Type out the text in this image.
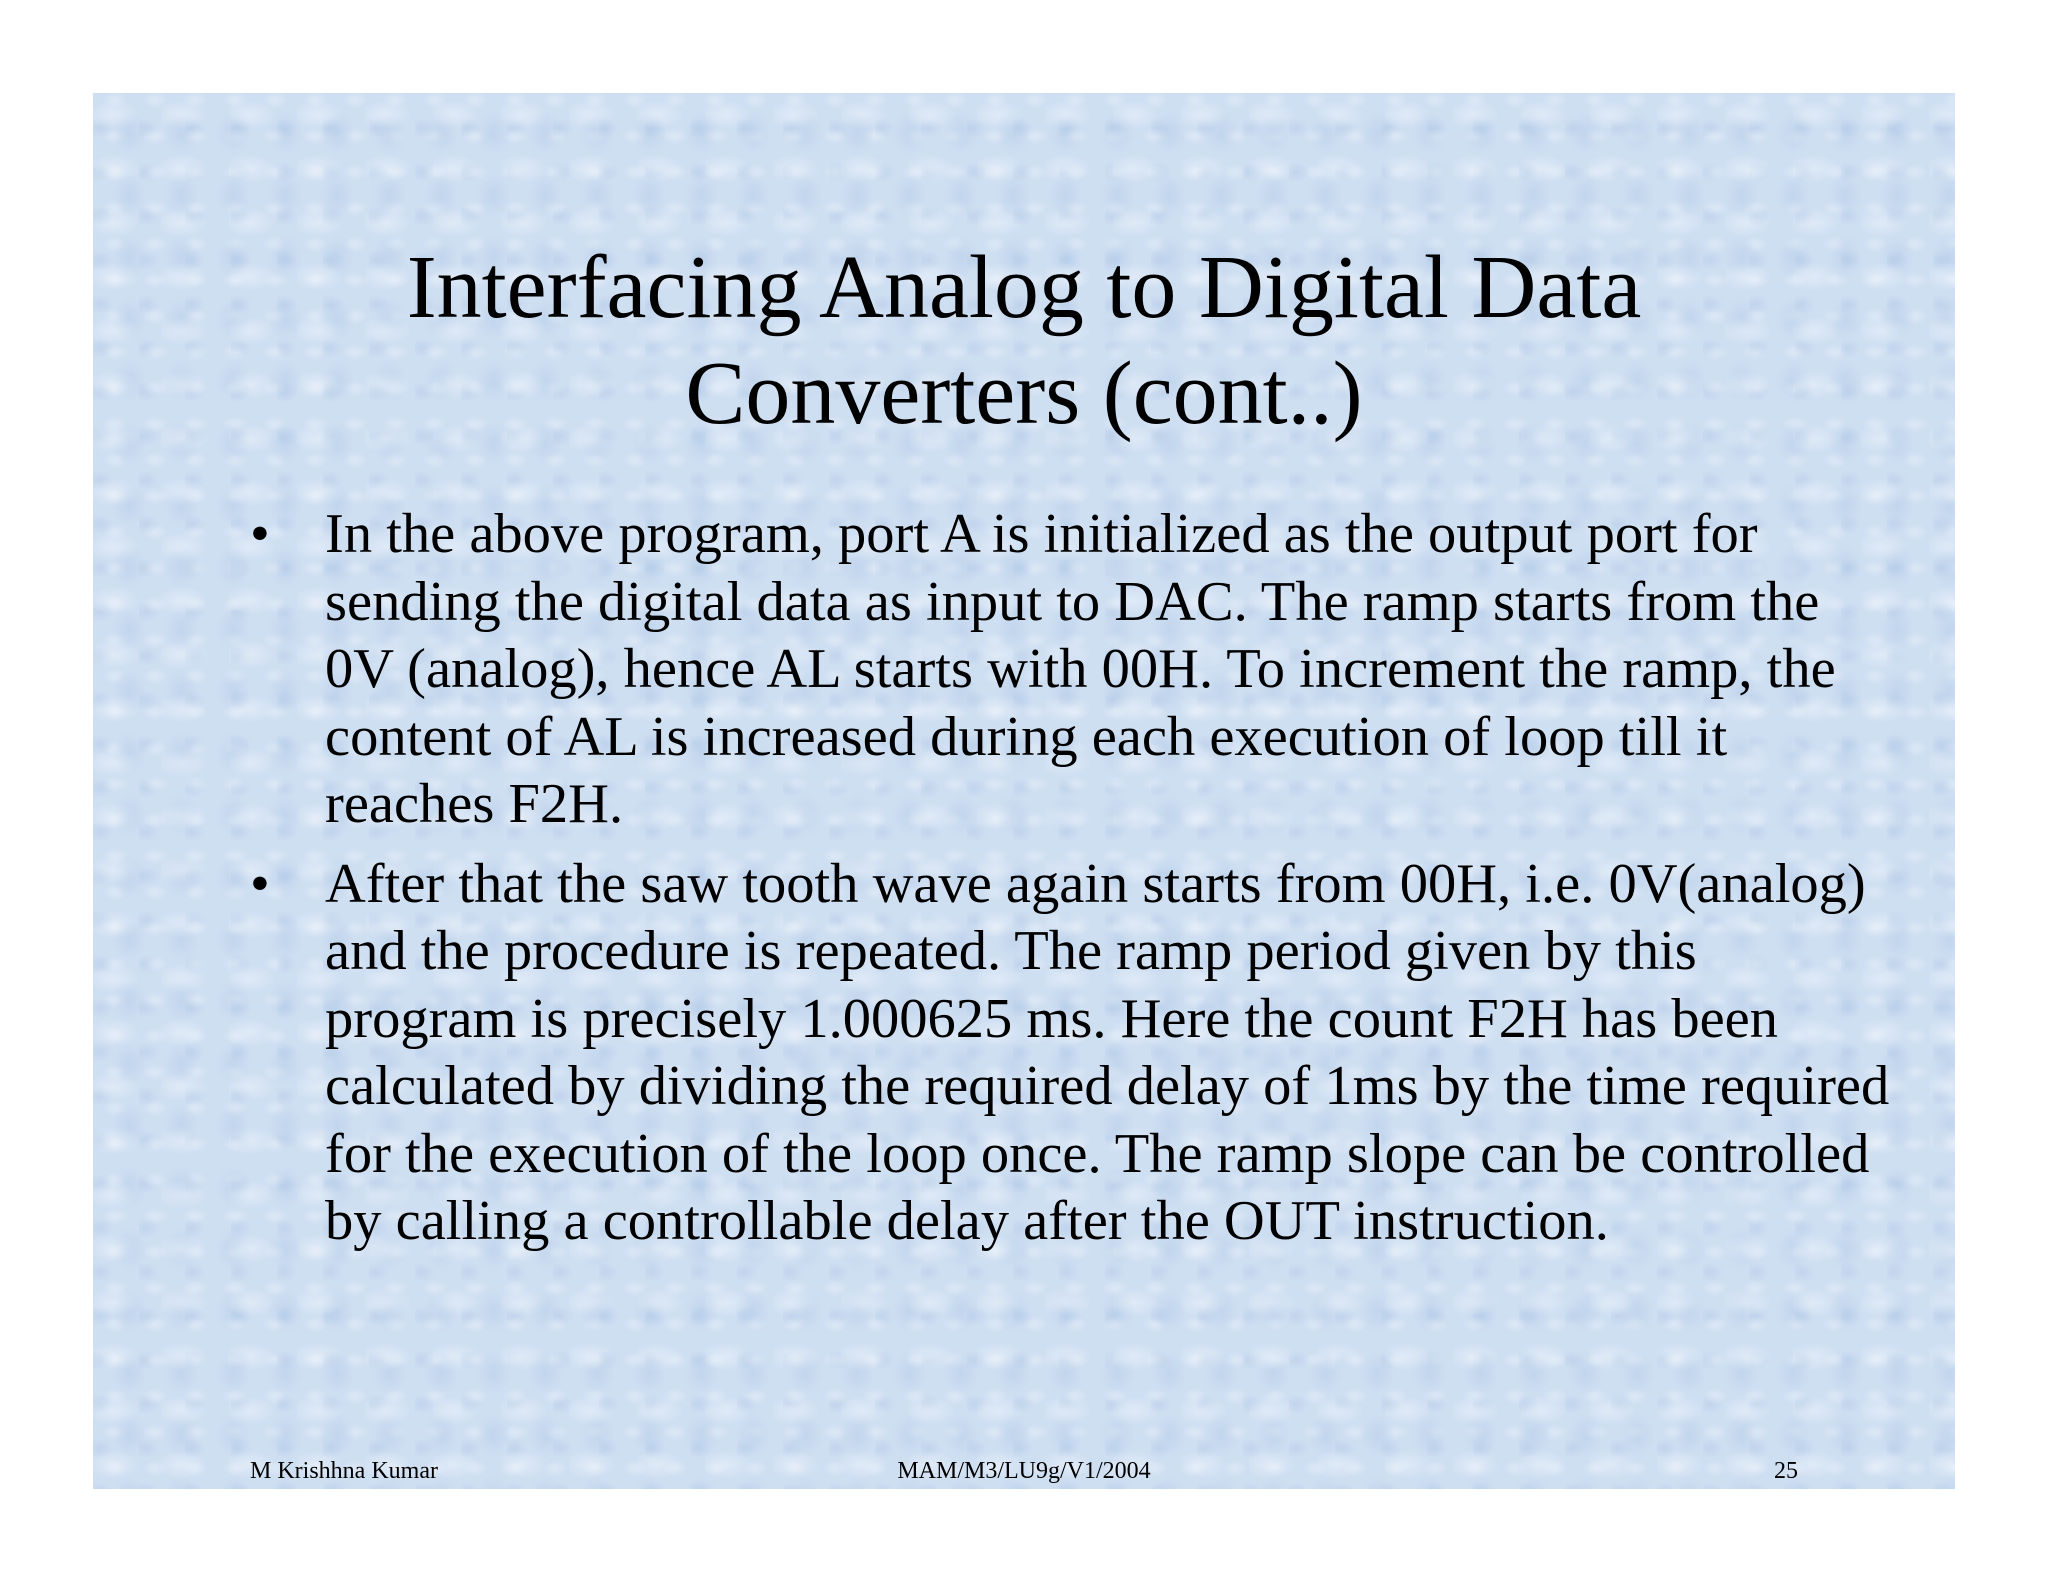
Interfacing Analog to Digital Data
Converters (cont..)
• In the above program, port A is initialized as the output port for sending the digital data as input to DAC. The ramp starts from the 0V (analog), hence AL starts with 00H. To increment the ramp, the content of AL is increased during each execution of loop till it reaches F2H.
• After that the saw tooth wave again starts from 00H, i.e. 0V(analog) and the procedure is repeated. The ramp period given by this program is precisely 1.000625 ms. Here the count F2H has been calculated by dividing the required delay of 1ms by the time required for the execution of the loop once. The ramp slope can be controlled by calling a controllable delay after the OUT instruction.
M Krishhna Kumar	MAM/M3/LU9g/V1/2004	25
